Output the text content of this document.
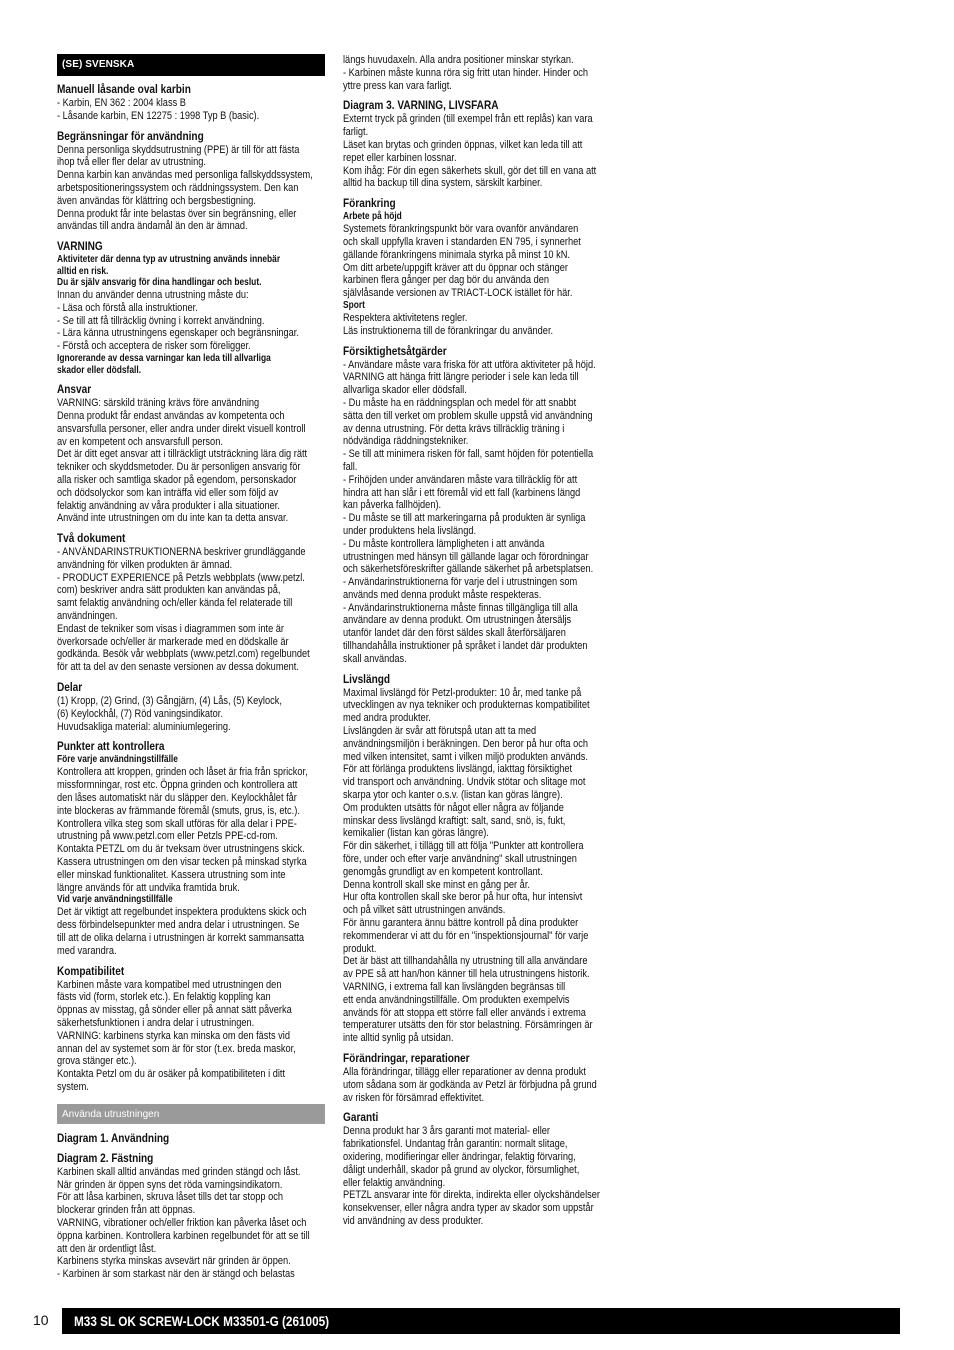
(SE) SVENSKA
Manuell låsande oval karbin
- Karbin, EN 362 : 2004 klass B
- Låsande karbin, EN 12275 : 1998 Typ B (basic).
Begränsningar för användning
Denna personliga skyddsutrustning (PPE) är till för att fästa
ihop två eller fler delar av utrustning.
Denna karbin kan användas med personliga fallskyddssystem,
arbetspositioneringssystem och räddningssystem. Den kan
även användas för klättring och bergsbestigning.
Denna produkt får inte belastas över sin begränsning, eller
användas till andra ändamål än den är ämnad.
VARNING
Aktiviteter där denna typ av utrustning används innebär
alltid en risk.
Du är själv ansvarig för dina handlingar och beslut.
Innan du använder denna utrustning måste du:
- Läsa och förstå alla instruktioner.
- Se till att få tillräcklig övning i korrekt användning.
- Lära känna utrustningens egenskaper och begränsningar.
- Förstå och acceptera de risker som föreligger.
Ignorerande av dessa varningar kan leda till allvarliga
skador eller dödsfall.
Ansvar
VARNING: särskild träning krävs före användning
Denna produkt får endast användas av kompetenta och
ansvarsfulla personer, eller andra under direkt visuell kontroll
av en kompetent och ansvarsfull person.
Det är ditt eget ansvar att i tillräckligt utsträckning lära dig rätt
tekniker och skyddsmetoder. Du är personligen ansvarig för
alla risker och samtliga skador på egendom, personskador
och dödsolyckor som kan inträffa vid eller som följd av
felaktig användning av våra produkter i alla situationer.
Använd inte utrustningen om du inte kan ta detta ansvar.
Två dokument
- ANVÄNDARINSTRUKTIONERNA beskriver grundläggande
användning för vilken produkten är ämnad.
- PRODUCT EXPERIENCE på Petzls webbplats (www.petzl.
com) beskriver andra sätt produkten kan användas på,
samt felaktig användning och/eller kända fel relaterade till
användningen.
Endast de tekniker som visas i diagrammen som inte är
överkorsade och/eller är markerade med en dödskalle är
godkända. Besök vår webbplats (www.petzl.com) regelbundet
för att ta del av den senaste versionen av dessa dokument.
Delar
(1) Kropp, (2) Grind, (3) Gångjärn, (4) Lås, (5) Keylock,
(6) Keylockhål, (7) Röd vaningsindikator.
Huvudsakliga material: aluminiumlegering.
Punkter att kontrollera
Före varje användningstillfälle
Kontrollera att kroppen, grinden och låset är fria från sprickor,
missformningar, rost etc. Öppna grinden och kontrollera att
den låses automatiskt när du släpper den. Keylockhålet får
inte blockeras av främmande föremål (smuts, grus, is, etc.).
Kontrollera vilka steg som skall utföras för alla delar i PPE-
utrustning på www.petzl.com eller Petzls PPE-cd-rom.
Kontakta PETZL om du är tveksam över utrustningens skick.
Kassera utrustningen om den visar tecken på minskad styrka
eller minskad funktionalitet. Kassera utrustning som inte
längre används för att undvika framtida bruk.
Vid varje användningstillfälle
Det är viktigt att regelbundet inspektera produktens skick och
dess förbindelsepunkter med andra delar i utrustningen. Se
till att de olika delarna i utrustningen är korrekt sammansatta
med varandra.
Kompatibilitet
Karbinen måste vara kompatibel med utrustningen den
fästs vid (form, storlek etc.). En felaktig koppling kan
öppnas av misstag, gå sönder eller på annat sätt påverka
säkerhetsfunktionen i andra delar i utrustningen.
VARNING: karbinens styrka kan minska om den fästs vid
annan del av systemet som är för stor (t.ex. breda maskor,
grova stänger etc.).
Kontakta Petzl om du är osäker på kompatibiliteten i ditt
system.
Använda utrustningen
Diagram 1. Användning
Diagram 2. Fästning
Karbinen skall alltid användas med grinden stängd och låst.
När grinden är öppen syns det röda varningsindikatorn.
För att låsa karbinen, skruva låset tills det tar stopp och
blockerar grinden från att öppnas.
VARNING, vibrationer och/eller friktion kan påverka låset och
öppna karbinen. Kontrollera karbinen regelbundet för att se till
att den är ordentligt låst.
Karbinens styrka minskas avsevärt när grinden är öppen.
- Karbinen är som starkast när den är stängd och belastas
längs huvudaxeln. Alla andra positioner minskar styrkan.
- Karbinen måste kunna röra sig fritt utan hinder. Hinder och
yttre press kan vara farligt.
Diagram 3. VARNING, LIVSFARA
Externt tryck på grinden (till exempel från ett replås) kan vara
farligt.
Läset kan brytas och grinden öppnas, vilket kan leda till att
repet eller karbinen lossnar.
Kom ihåg: För din egen säkerhets skull, gör det till en vana att
alltid ha backup till dina system, särskilt karbiner.
Förankring
Arbete på höjd
Systemets förankringspunkt bör vara ovanför användaren
och skall uppfylla kraven i standarden EN 795, i synnerhet
gällande förankringens minimala styrka på minst 10 kN.
Om ditt arbete/uppgift kräver att du öppnar och stänger
karbinen flera gånger per dag bör du använda den
självlåsande versionen av TRIACT-LOCK istället för här.
Sport
Respektera aktivitetens regler.
Läs instruktionerna till de förankringar du använder.
Försiktighetsåtgärder
- Användare måste vara friska för att utföra aktiviteter på höjd.
VARNING att hänga fritt längre perioder i sele kan leda till
allvarliga skador eller dödsfall.
- Du måste ha en räddningsplan och medel för att snabbt
sätta den till verket om problem skulle uppstå vid användning
av denna utrustning. För detta krävs tillräcklig träning i
nödvändiga räddningstekniker.
- Se till att minimera risken för fall, samt höjden för potentiella
fall.
- Frihöjden under användaren måste vara tillräcklig för att
hindra att han slår i ett föremål vid ett fall (karbinens längd
kan påverka fallhöjden).
- Du måste se till att markeringarna på produkten är synliga
under produktens hela livslängd.
- Du måste kontrollera lämpligheten i att använda
utrustningen med hänsyn till gällande lagar och förordningar
och säkerhetsföreskrifter gällande säkerhet på arbetsplatsen.
- Användarinstruktionerna för varje del i utrustningen som
används med denna produkt måste respekteras.
- Användarinstruktionerna måste finnas tillgängliga till alla
användare av denna produkt. Om utrustningen återsäljs
utanför landet där den först säldes skall återförsäljaren
tillhandahålla instruktioner på språket i landet där produkten
skall användas.
Livslängd
Maximal livslängd för Petzl-produkter: 10 år, med tanke på
utvecklingen av nya tekniker och produkternas kompatibilitet
med andra produkter.
Livslängden är svår att förutspå utan att ta med
användningsmiljön i beräkningen. Den beror på hur ofta och
med vilken intensitet, samt i vilken miljö produkten används.
För att förlänga produktens livslängd, iakttag försiktighet
vid transport och användning. Undvik stötar och slitage mot
skarpa ytor och kanter o.s.v. (listan kan göras längre).
Om produkten utsätts för något eller några av följande
minskar dess livslängd kraftigt: salt, sand, snö, is, fukt,
kemikalier (listan kan göras längre).
För din säkerhet, i tillägg till att följa "Punkter att kontrollera
före, under och efter varje användning" skall utrustningen
genomgås grundligt av en kompetent kontrollant.
Denna kontroll skall ske minst en gång per år.
Hur ofta kontrollen skall ske beror på hur ofta, hur intensivt
och på vilket sätt utrustningen används.
För ännu garantera ännu bättre kontroll på dina produkter
rekommenderar vi att du för en "inspektionsjournal" för varje
produkt.
Det är bäst att tillhandahålla ny utrustning till alla användare
av PPE så att han/hon känner till hela utrustningens historik.
VARNING, i extrema fall kan livslängden begränsas till
ett enda användningstillfälle. Om produkten exempelvis
används för att stoppa ett större fall eller används i extrema
temperaturer utsätts den för stor belastning. Försämringen är
inte alltid synlig på utsidan.
Förändringar, reparationer
Alla förändringar, tillägg eller reparationer av denna produkt
utom sådana som är godkända av Petzl är förbjudna på grund
av risken för försämrad effektivitet.
Garanti
Denna produkt har 3 års garanti mot material- eller
fabrikationsfel. Undantag från garantin: normalt slitage,
oxidering, modifieringar eller ändringar, felaktig förvaring,
dåligt underhåll, skador på grund av olyckor, försumlighet,
eller felaktig användning.
PETZL ansvarar inte för direkta, indirekta eller olyckshändelser
konsekvenser, eller några andra typer av skador som uppstår
vid användning av dess produkter.
10	M33 SL OK SCREW-LOCK M33501-G (261005)
